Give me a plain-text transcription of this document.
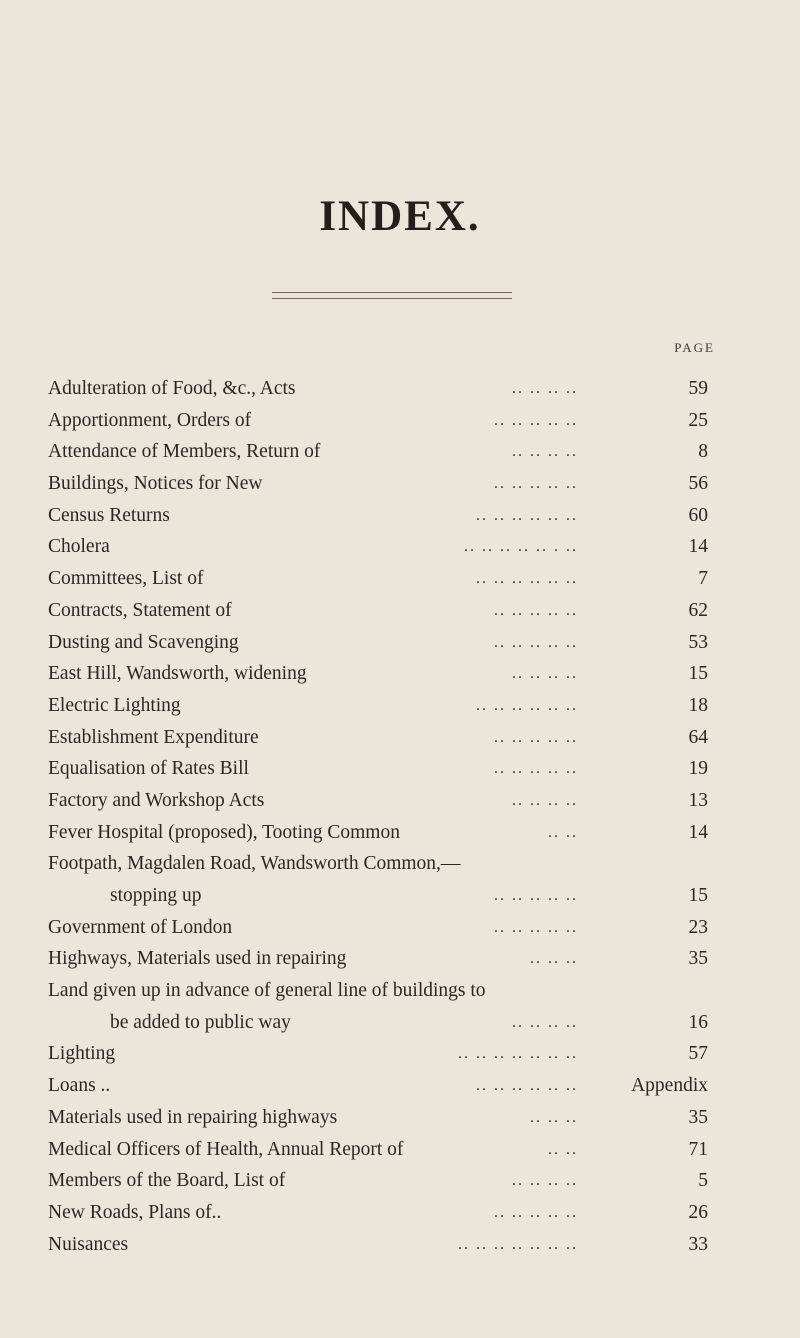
INDEX.
PAGE
Adulteration of Food, &c., Acts	.. .. .. ..	59
Apportionment, Orders of	.. .. .. .. ..	25
Attendance of Members, Return of	.. .. .. ..	8
Buildings, Notices for New	.. .. .. .. ..	56
Census Returns	.. .. .. .. .. ..	60
Cholera	.. .. .. .. .. . ..	14
Committees, List of	.. .. .. .. .. ..	7
Contracts, Statement of	.. .. .. .. ..	62
Dusting and Scavenging	.. .. .. .. ..	53
East Hill, Wandsworth, widening	.. .. .. ..	15
Electric Lighting	.. .. .. .. .. ..	18
Establishment Expenditure	.. .. .. .. ..	64
Equalisation of Rates Bill	.. .. .. .. ..	19
Factory and Workshop Acts	.. .. .. ..	13
Fever Hospital (proposed), Tooting Common	.. ..	14
Footpath, Magdalen Road, Wandsworth Common,—
stopping up	.. .. .. .. ..	15
Government of London	.. .. .. .. ..	23
Highways, Materials used in repairing	.. .. ..	35
Land given up in advance of general line of buildings to
be added to public way	.. .. .. ..	16
Lighting	.. .. .. .. .. .. ..	57
Loans ..	.. .. .. .. .. ..	Appendix
Materials used in repairing highways	.. .. ..	35
Medical Officers of Health, Annual Report of	.. ..	71
Members of the Board, List of	.. .. .. ..	5
New Roads, Plans of..	.. .. .. .. ..	26
Nuisances	.. .. .. .. .. .. ..	33
